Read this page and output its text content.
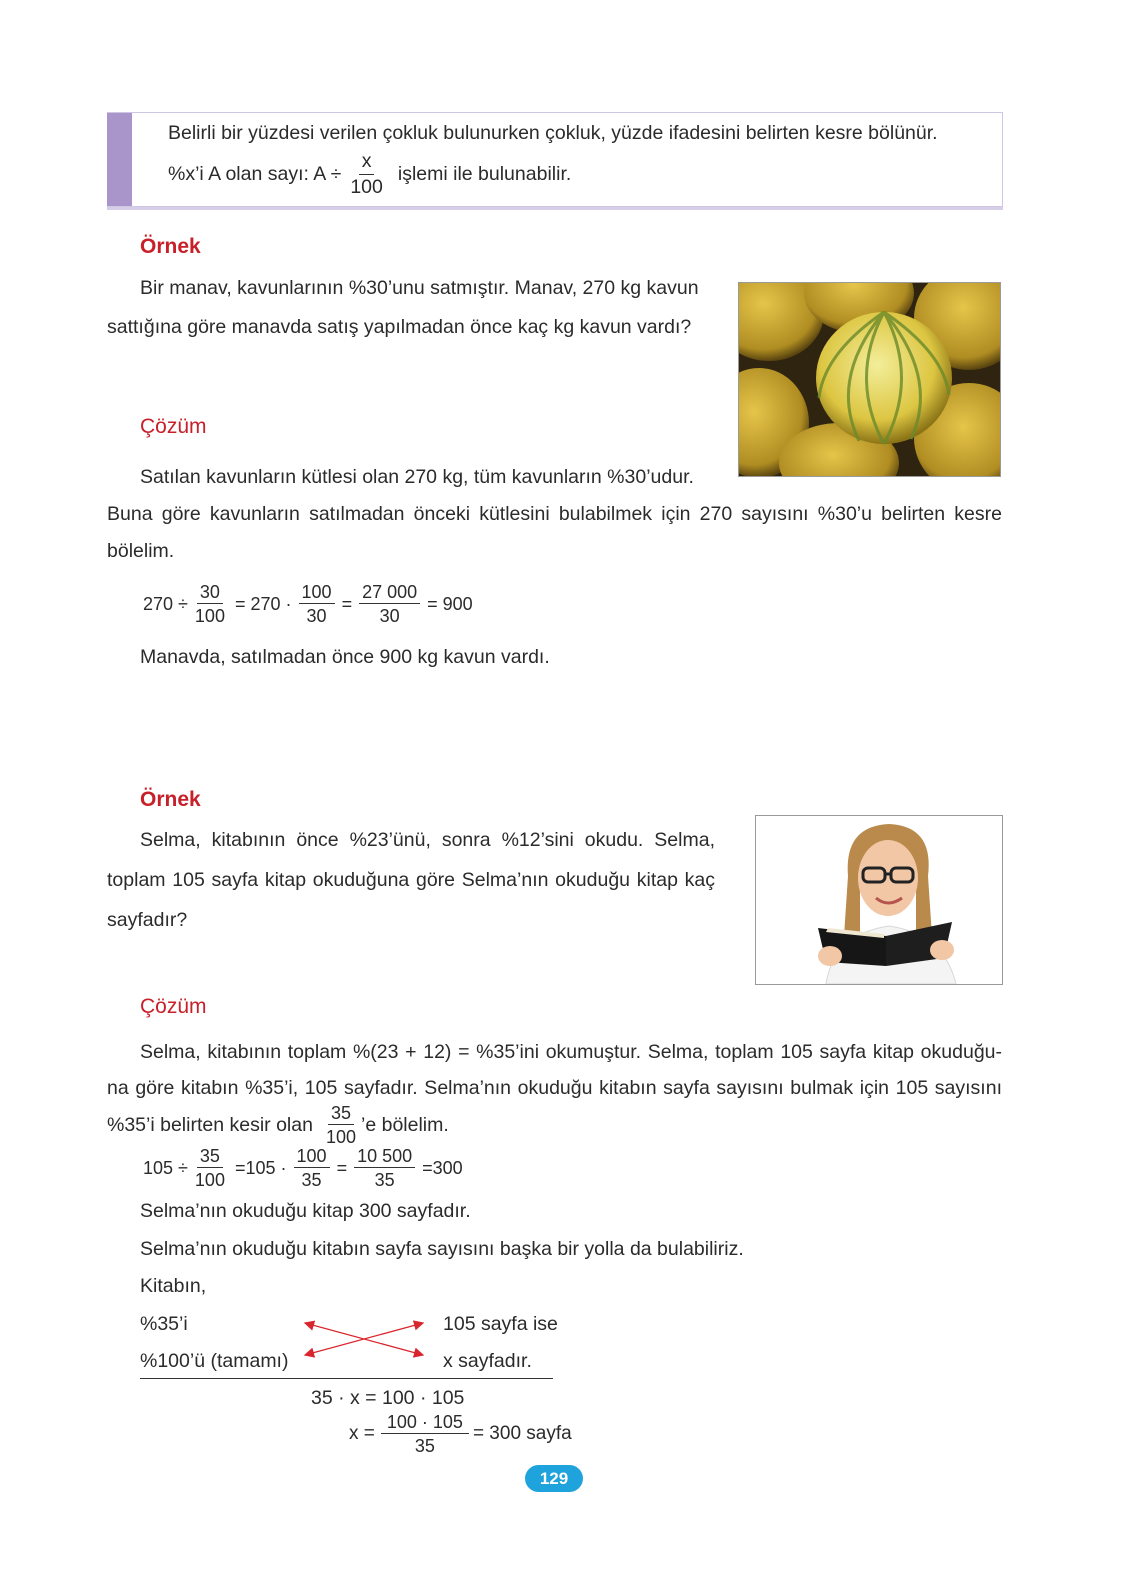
Belirli bir yüzdesi verilen çokluk bulunurken çokluk, yüzde ifadesini belirten kesre bölünür.
%x’i A olan sayı: $A \div \frac{x}{100}$ işlemi ile bulunabilir.
Örnek
Bir manav, kavunlarının %30’unu satmıştır. Manav, 270 kg kavun
sattığına göre manavda satış yapılmadan önce kaç kg kavun vardı?
Çözüm
Satılan kavunların kütlesi olan 270 kg, tüm kavunların %30’udur.
Buna göre kavunların satılmadan önceki kütlesini bulabilmek için 270 sayısını %30’u belirten kesre
bölelim.
$270 \div \frac{30}{100} = 270 \cdot \frac{100}{30} = \frac{27 000}{30} = 900$
Manavda, satılmadan önce 900 kg kavun vardı.
Örnek
Selma, kitabının önce %23’ünü, sonra %12’sini okudu. Selma,
toplam 105 sayfa kitap okuduğuna göre Selma’nın okuduğu kitap kaç
sayfadır?
Çözüm
Selma, kitabının toplam %(23 + 12) = %35’ini okumuştur. Selma, toplam 105 sayfa kitap okuduğu-
na göre kitabın %35’i, 105 sayfadır. Selma’nın okuduğu kitabın sayfa sayısını bulmak için 105 sayısını
%35’i belirten kesir olan $\frac{35}{100}$ ’e bölelim.
$105 \div \frac{35}{100} =105 \cdot \frac{100}{35} = \frac{10 500}{35} =300$
Selma’nın okuduğu kitap 300 sayfadır.
Selma’nın okuduğu kitabın sayfa sayısını başka bir yolla da bulabiliriz.
Kitabın,
%35’i	105 sayfa ise
%100’ü (tamamı)	x sayfadır.
35 · x = 100 · 105
$x = \frac{100 \cdot 105}{35} = 300$ sayfa
129
